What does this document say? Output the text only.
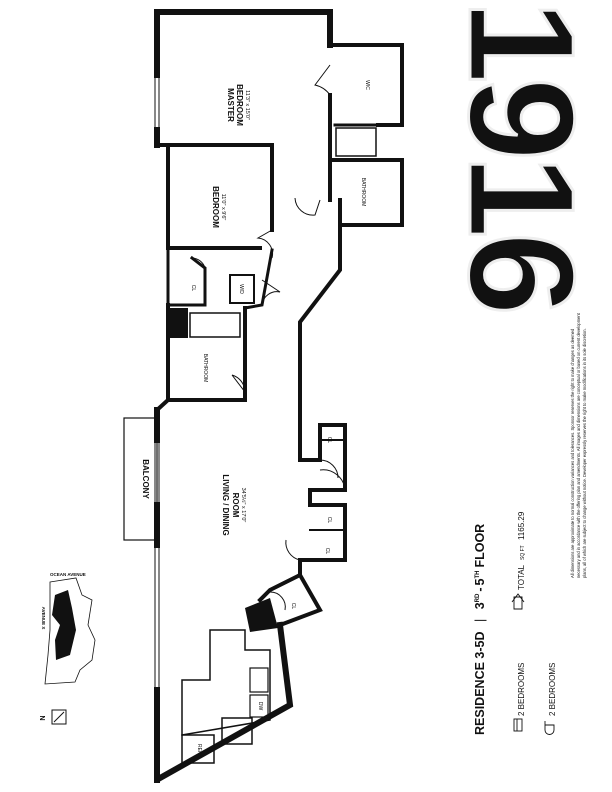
1916
MASTER BEDROOM 11'3" x 15'0"
WIC
BEDROOM 11'0" x 9'6"
BATHROOM
CL	W/D
BATHROOM
CL
CL
CL
CL
BALCONY	LIVING / DINING ROOM 34'5½" x 17'0"
DW
REF
OCEAN AVENUE
AVENUE X
N	RESIDENCE 3-5D | 3RD-5THFLOOR
2 BEDROOMS
TOTAL SQ FT 1165.29
2 BEDROOMS
All dimensions are approximate to normal construction variances and tolerances. Sponsor reserves the right to make changes as deemed necessary and in accordance with the offering plan and amendments. All images and dimensions are conceptual or based on current development plans, all of which are subject to change without notice. Developer expressly reserves the right to make modifications in its sole discretion.
